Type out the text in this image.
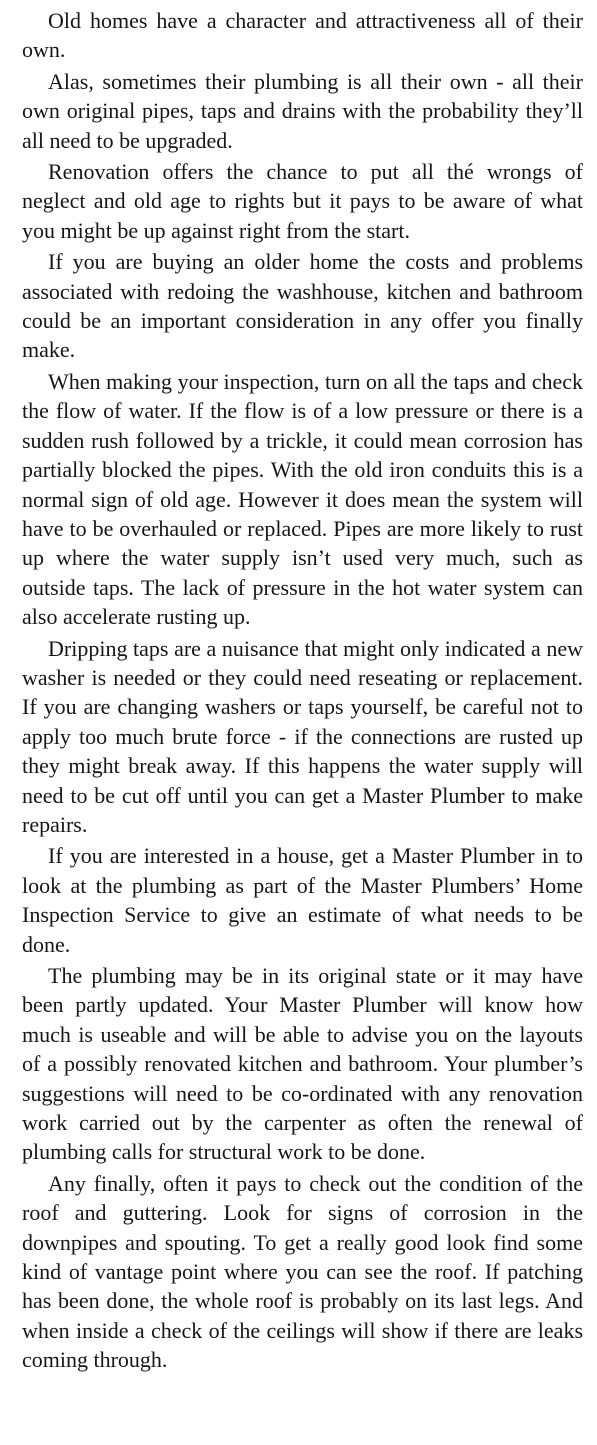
Old homes have a character and attractiveness all of their own.

Alas, sometimes their plumbing is all their own - all their own original pipes, taps and drains with the probability they’ll all need to be upgraded.

Renovation offers the chance to put all thé wrongs of neglect and old age to rights but it pays to be aware of what you might be up against right from the start.

If you are buying an older home the costs and problems associated with redoing the washhouse, kitchen and bathroom could be an important consideration in any offer you finally make.

When making your inspection, turn on all the taps and check the flow of water. If the flow is of a low pressure or there is a sudden rush followed by a trickle, it could mean corrosion has partially blocked the pipes. With the old iron conduits this is a normal sign of old age. However it does mean the system will have to be overhauled or replaced. Pipes are more likely to rust up where the water supply isn’t used very much, such as outside taps. The lack of pressure in the hot water system can also accelerate rusting up.

Dripping taps are a nuisance that might only indicated a new washer is needed or they could need reseating or replacement. If you are changing washers or taps yourself, be careful not to apply too much brute force - if the connections are rusted up they might break away. If this happens the water supply will need to be cut off until you can get a Master Plumber to make repairs.

If you are interested in a house, get a Master Plumber in to look at the plumbing as part of the Master Plumbers’ Home Inspection Service to give an estimate of what needs to be done.

The plumbing may be in its original state or it may have been partly updated. Your Master Plumber will know how much is useable and will be able to advise you on the layouts of a possibly renovated kitchen and bathroom. Your plumber’s suggestions will need to be co-ordinated with any renovation work carried out by the carpenter as often the renewal of plumbing calls for structural work to be done.

Any finally, often it pays to check out the condition of the roof and guttering. Look for signs of corrosion in the downpipes and spouting. To get a really good look find some kind of vantage point where you can see the roof. If patching has been done, the whole roof is probably on its last legs. And when inside a check of the ceilings will show if there are leaks coming through.
